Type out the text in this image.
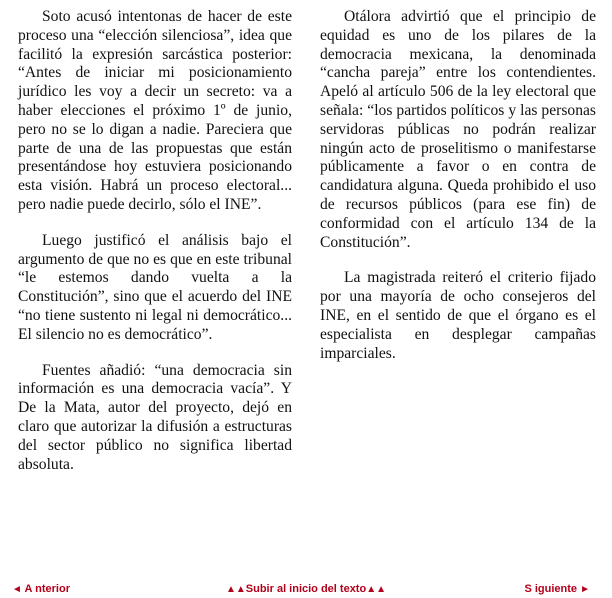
Soto acusó intentonas de hacer de este proceso una “elección silenciosa”, idea que facilitó la expresión sarcástica posterior: “Antes de iniciar mi posicionamiento jurídico les voy a decir un secreto: va a haber elecciones el próximo 1º de junio, pero no se lo digan a nadie. Pareciera que parte de una de las propuestas que están presentándose hoy estuviera posicionando esta visión. Habrá un proceso electoral... pero nadie puede decirlo, sólo el INE”.

Luego justificó el análisis bajo el argumento de que no es que en este tribunal “le estemos dando vuelta a la Constitución”, sino que el acuerdo del INE “no tiene sustento ni legal ni democrático... El silencio no es democrático”.

Fuentes añadió: “una democracia sin información es una democracia vacía”. Y De la Mata, autor del proyecto, dejó en claro que autorizar la difusión a estructuras del sector público no significa libertad absoluta.

Otálora advirtió que el principio de equidad es uno de los pilares de la democracia mexicana, la denominada “cancha pareja” entre los contendientes. Apeló al artículo 506 de la ley electoral que señala: “los partidos políticos y las personas servidoras públicas no podrán realizar ningún acto de proselitismo o manifestarse públicamente a favor o en contra de candidatura alguna. Queda prohibido el uso de recursos públicos (para ese fin) de conformidad con el artículo 134 de la Constitución”.

La magistrada reiteró el criterio fijado por una mayoría de ocho consejeros del INE, en el sentido de que el órgano es el especialista en desplegar campañas imparciales.

◄ A nterior	▲▲Subir al inicio del texto▲▲	S iguiente ►
